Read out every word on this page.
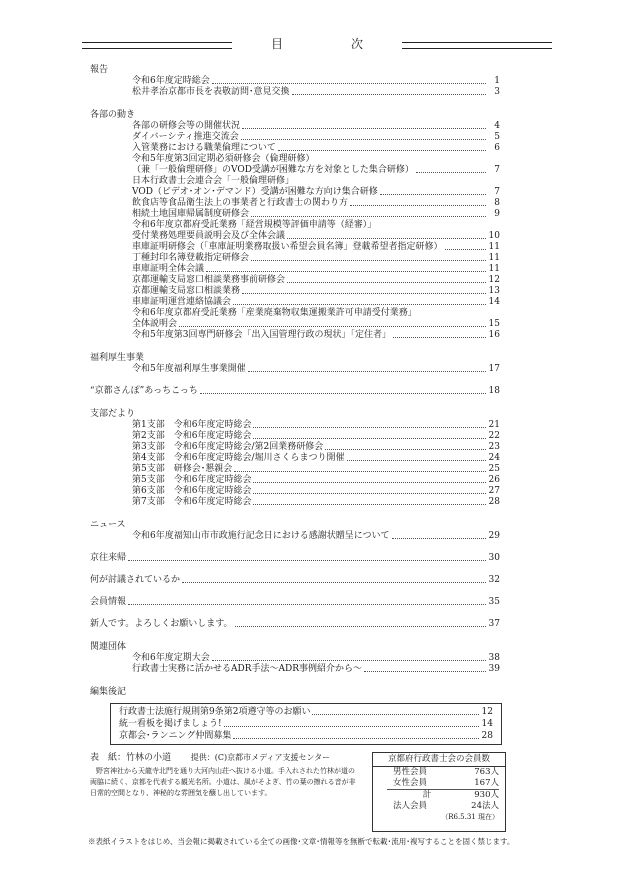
目　次
報告
令和6年度定時総会	1
松井孝治京都市長を表敬訪問･意見交換	3
各部の動き
各部の研修会等の開催状況	4
ダイバーシティ推進交流会	5
入管業務における職業倫理について	6
令和5年度第3回定期必須研修会（倫理研修）
（兼「一般倫理研修」のVOD受講が困難な方を対象とした集合研修）	7
日本行政書士会連合会「一般倫理研修」
VOD（ビデオ･オン･デマンド）受講が困難な方向け集合研修	7
飲食店等食品衛生法上の事業者と行政書士の関わり方	8
相続土地国庫帰属制度研修会	9
令和6年度京都府受託業務「経営規模等評価申請等（経審）」
受付業務処理要員説明会及び全体会議	10
車庫証明研修会（「車庫証明業務取扱い希望会員名簿」登載希望者指定研修）	11
丁種封印名簿登載指定研修会	11
車庫証明全体会議	11
京都運輸支局窓口相談業務事前研修会	12
京都運輸支局窓口相談業務	13
車庫証明運営連絡協議会	14
令和6年度京都府受託業務「産業廃棄物収集運搬業許可申請受付業務」
全体説明会	15
令和5年度第3回専門研修会「出入国管理行政の現状」「定住者」	16
福利厚生事業
令和5年度福利厚生事業開催	17
“京都さんぽ”あっちこっち	18
支部だより
第1支部　令和6年度定時総会	21
第2支部　令和6年度定時総会	22
第3支部　令和6年度定時総会/第2回業務研修会	23
第4支部　令和6年度定時総会/堀川さくらまつり開催	24
第5支部　研修会･懇親会	25
第5支部　令和6年度定時総会	26
第6支部　令和6年度定時総会	27
第7支部　令和6年度定時総会	28
ニュース
令和6年度福知山市市政施行記念日における感謝状贈呈について	29
京往来帰	30
何が討議されているか	32
会員情報	35
新人です。よろしくお願いします。	37
関連団体
令和6年度定期大会	38
行政書士実務に活かせるADR手法～ADR事例紹介から～	39
編集後記
行政書士法施行規則第9条第2項遵守等のお願い	12
統一看板を掲げましょう!	14
京都会･ランニング仲間募集	28
表　紙：竹林の小道 提供：(C)京都市メディア支援センター
野宮神社から天龍寺北門を通り大河内山荘へ抜ける小道。手入れされた竹林が道の両脇に続く、京都を代表する観光名所。小道は、風がそよぎ、竹の葉の擦れる音が非日常的空間となり、神秘的な雰囲気を醸し出しています。
京都府行政書士会の会員数
男性会員	763人
女性会員	167人
計	930人
法人会員	24法人
（R6.5.31 現在）
※表紙イラストをはじめ、当会報に掲載されている全ての画像･文章･情報等を無断で転載･流用･複写することを固く禁じます。
